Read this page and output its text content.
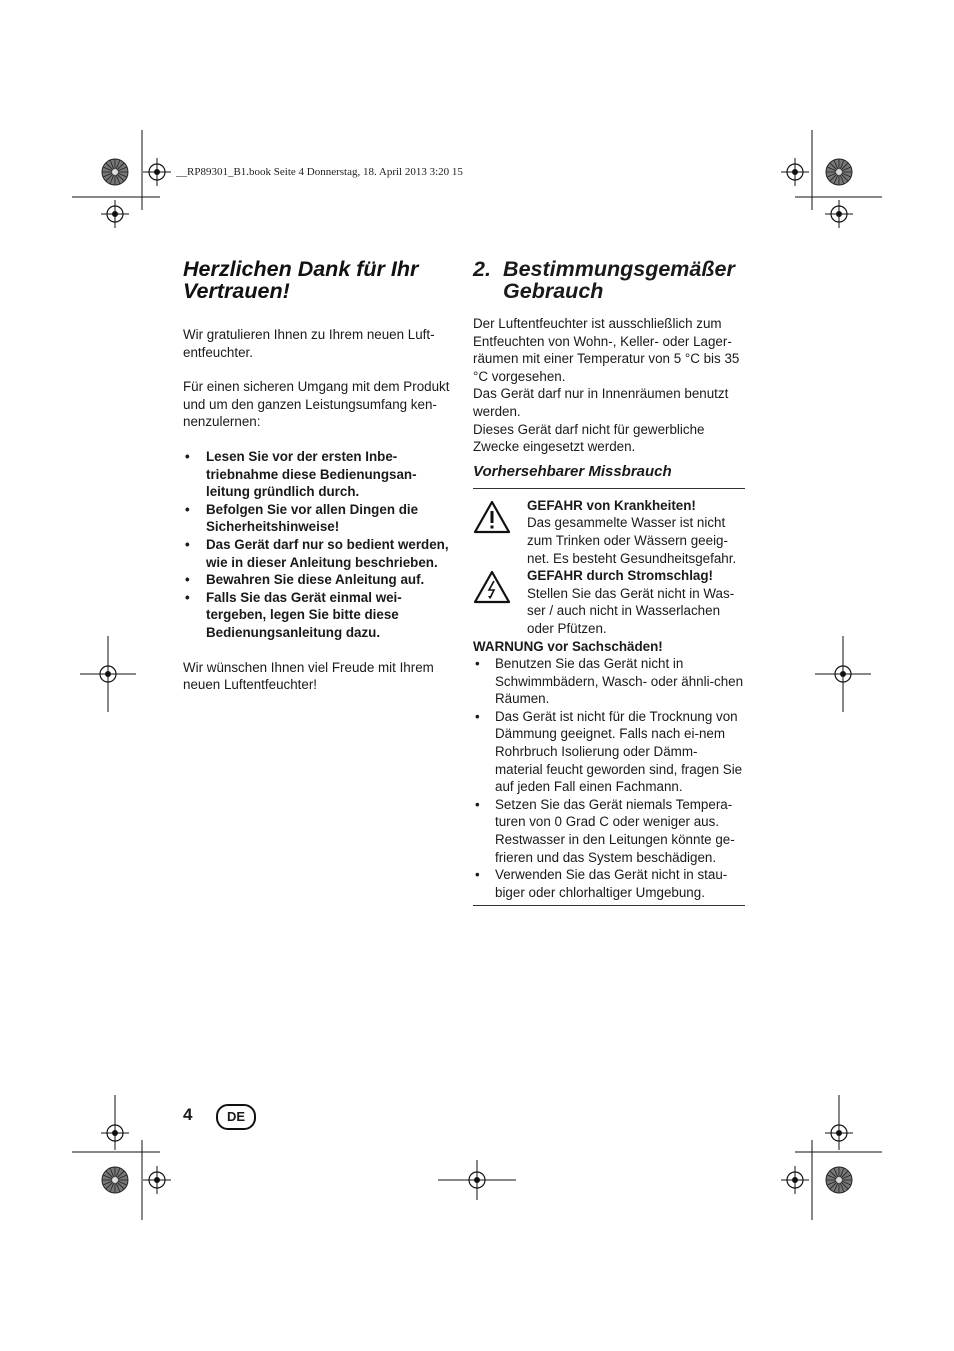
__RP89301_B1.book Seite 4 Donnerstag, 18. April 2013 3:20 15
Herzlichen Dank für Ihr Vertrauen!

Wir gratulieren Ihnen zu Ihrem neuen Luft-entfeuchter.

Für einen sicheren Umgang mit dem Produkt und um den ganzen Leistungsumfang ken-nenzulernen:

• Lesen Sie vor der ersten Inbe-triebnahme diese Bedienungsan-leitung gründlich durch.
• Befolgen Sie vor allen Dingen die Sicherheitshinweise!
• Das Gerät darf nur so bedient werden, wie in dieser Anleitung beschrieben.
• Bewahren Sie diese Anleitung auf.
• Falls Sie das Gerät einmal wei-tergeben, legen Sie bitte diese Bedienungsanleitung dazu.

Wir wünschen Ihnen viel Freude mit Ihrem neuen Luftentfeuchter!

2. Bestimmungsgemäßer Gebrauch

Der Luftentfeuchter ist ausschließlich zum Entfeuchten von Wohn-, Keller- oder Lager-räumen mit einer Temperatur von 5 °C bis 35 °C vorgesehen.

Das Gerät darf nur in Innenräumen benutzt werden.

Dieses Gerät darf nicht für gewerbliche Zwecke eingesetzt werden.

Vorhersehbarer Missbrauch

GEFAHR von Krankheiten!

Das gesammelte Wasser ist nicht zum Trinken oder Wässern geeig-net. Es besteht Gesundheitsgefahr.

GEFAHR durch Stromschlag!

Stellen Sie das Gerät nicht in Was-ser / auch nicht in Wasserlachen oder Pfützen.

WARNUNG vor Sachschäden!

• Benutzen Sie das Gerät nicht in Schwimmbädern, Wasch- oder ähnli-chen Räumen.
• Das Gerät ist nicht für die Trocknung von Dämmung geeignet. Falls nach ei-nem Rohrbruch Isolierung oder Dämm-material feucht geworden sind, fragen Sie auf jeden Fall einen Fachmann.
• Setzen Sie das Gerät niemals Tempera-turen von 0 Grad C oder weniger aus. Restwasser in den Leitungen könnte ge-frieren und das System beschädigen.
• Verwenden Sie das Gerät nicht in stau-biger oder chlorhaltiger Umgebung.
4	DE
